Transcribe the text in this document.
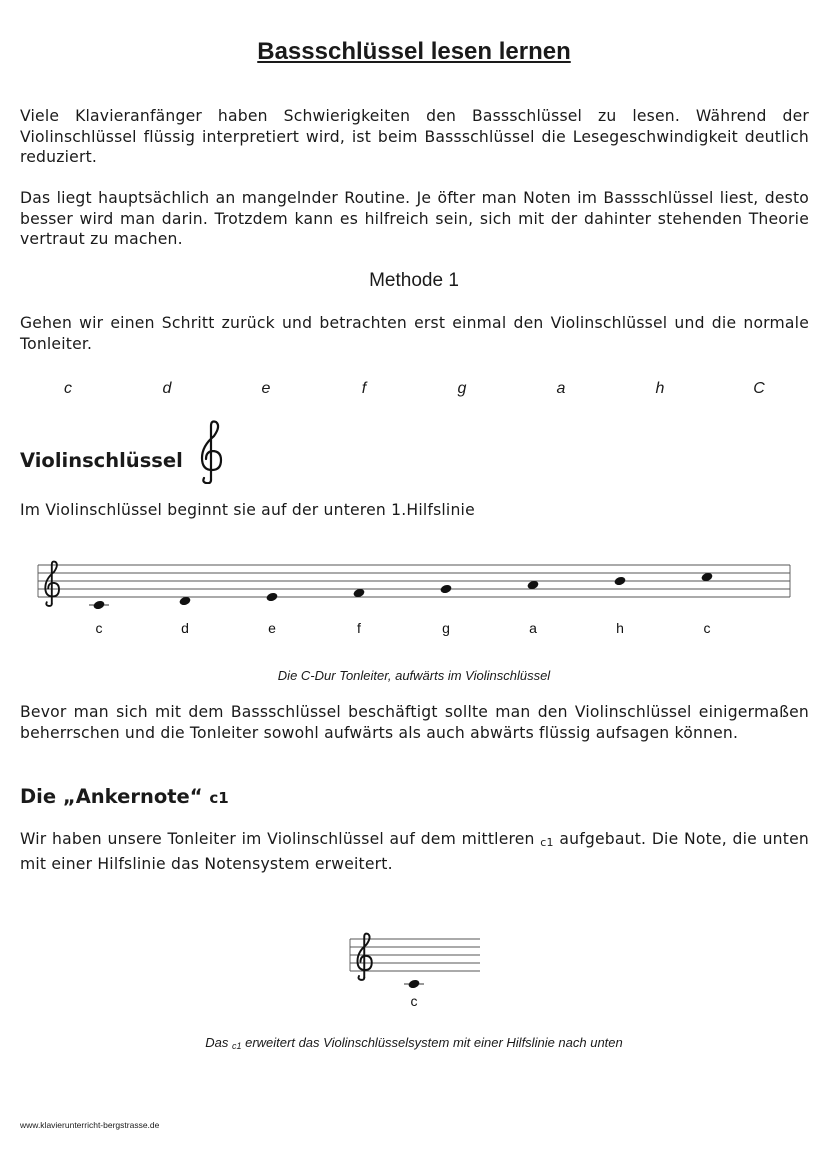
Bassschlüssel lesen lernen
Viele Klavieranfänger haben Schwierigkeiten den Bassschlüssel zu lesen. Während der Violinschlüssel flüssig interpretiert wird, ist beim Bassschlüssel die Lesegeschwindigkeit deutlich reduziert.
Das liegt hauptsächlich an mangelnder Routine. Je öfter man Noten im Bassschlüssel liest, desto besser wird man darin. Trotzdem kann es hilfreich sein, sich mit der dahinter stehenden Theorie vertraut zu machen.
Methode 1
Gehen wir einen Schritt zurück und betrachten erst einmal den Violinschlüssel und die normale Tonleiter.
c	d	e	f	g	a	h	C
Violinschlüssel
Im Violinschlüssel beginnt sie auf der unteren 1.Hilfslinie
c	d	e	f	g	a	h	c
Die C-Dur Tonleiter, aufwärts im Violinschlüssel
Bevor man sich mit dem Bassschlüssel beschäftigt sollte man den Violinschlüssel einigermaßen beherrschen und die Tonleiter sowohl aufwärts als auch abwärts flüssig aufsagen können.
Die „Ankernote“ c1
Wir haben unsere Tonleiter im Violinschlüssel auf dem mittleren c1 aufgebaut. Die Note, die unten mit einer Hilfslinie das Notensystem erweitert.
c
Das $_{c1}$ erweitert das Violinschlüsselsystem mit einer Hilfslinie nach unten
www.klavierunterricht-bergstrasse.de
